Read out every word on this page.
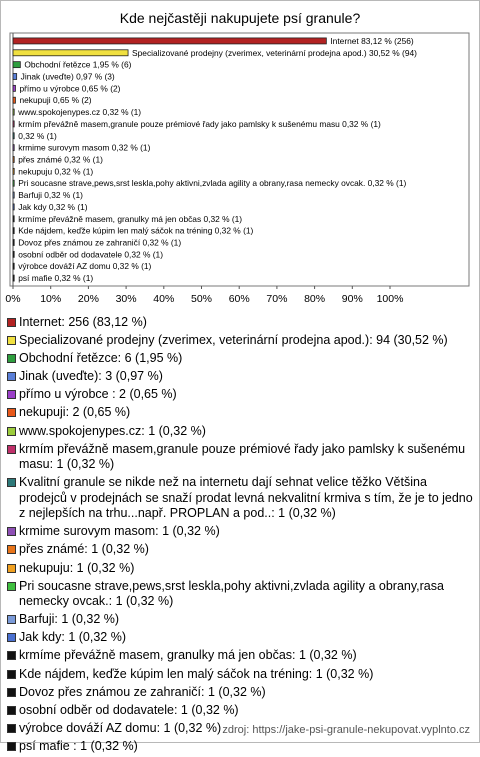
Kde nejčastěji nakupujete psí granule?
Internet 83,12 % (256)
Specializované prodejny (zverimex, veterinární prodejna apod.) 30,52 % (94)
Obchodní řetězce 1,95 % (6)
Jinak (uveďte) 0,97 % (3)
přímo u výrobce 0,65 % (2)
nekupuji 0,65 % (2)
www.spokojenypes.cz 0,32 % (1)
krmím převážně masem,granule pouze prémiové řady jako pamlsky k sušenému masu 0,32 % (1)
0,32 % (1)
krmime surovym masom 0,32 % (1)
přes známé 0,32 % (1)
nekupuju 0,32 % (1)
Pri soucasne strave,pews,srst leskla,pohy aktivni,zvlada agility a obrany,rasa nemecky ovcak. 0,32 % (1)
Barfuji 0,32 % (1)
Jak kdy 0,32 % (1)
krmíme převážně masem, granulky má jen občas 0,32 % (1)
Kde nájdem, keďže kúpim len malý sáčok na tréning 0,32 % (1)
Dovoz přes známou ze zahraničí 0,32 % (1)
osobní odběr od dodavatele 0,32 % (1)
výrobce dováží AZ domu 0,32 % (1)
psí mafie 0,32 % (1)
0% 10% 20% 30% 40% 50% 60% 70% 80% 90% 100%
Internet: 256 (83,12 %)
Specializované prodejny (zverimex, veterinární prodejna apod.): 94 (30,52 %)
Obchodní řetězce: 6 (1,95 %)
Jinak (uveďte): 3 (0,97 %)
přímo u výrobce : 2 (0,65 %)
nekupuji: 2 (0,65 %)
www.spokojenypes.cz: 1 (0,32 %)
krmím převážně masem,granule pouze prémiové řady jako pamlsky k sušenému masu: 1 (0,32 %)
Kvalitní granule se nikde než na internetu dají sehnat velice těžko Většina prodejců v prodejnách se snaží prodat levná nekvalitní krmiva s tím, že je to jedno z nejlepších na trhu...např. PROPLAN a pod..: 1 (0,32 %)
krmime surovym masom: 1 (0,32 %)
přes známé: 1 (0,32 %)
nekupuju: 1 (0,32 %)
Pri soucasne strave,pews,srst leskla,pohy aktivni,zvlada agility a obrany,rasa nemecky ovcak.: 1 (0,32 %)
Barfuji: 1 (0,32 %)
Jak kdy: 1 (0,32 %)
krmíme převážně masem, granulky má jen občas: 1 (0,32 %)
Kde nájdem, keďže kúpim len malý sáčok na tréning: 1 (0,32 %)
Dovoz přes známou ze zahraničí: 1 (0,32 %)
osobní odběr od dodavatele: 1 (0,32 %)
výrobce dováží AZ domu: 1 (0,32 %)
psí mafie : 1 (0,32 %)
zdroj: https://jake-psi-granule-nekupovat.vyplnto.cz
